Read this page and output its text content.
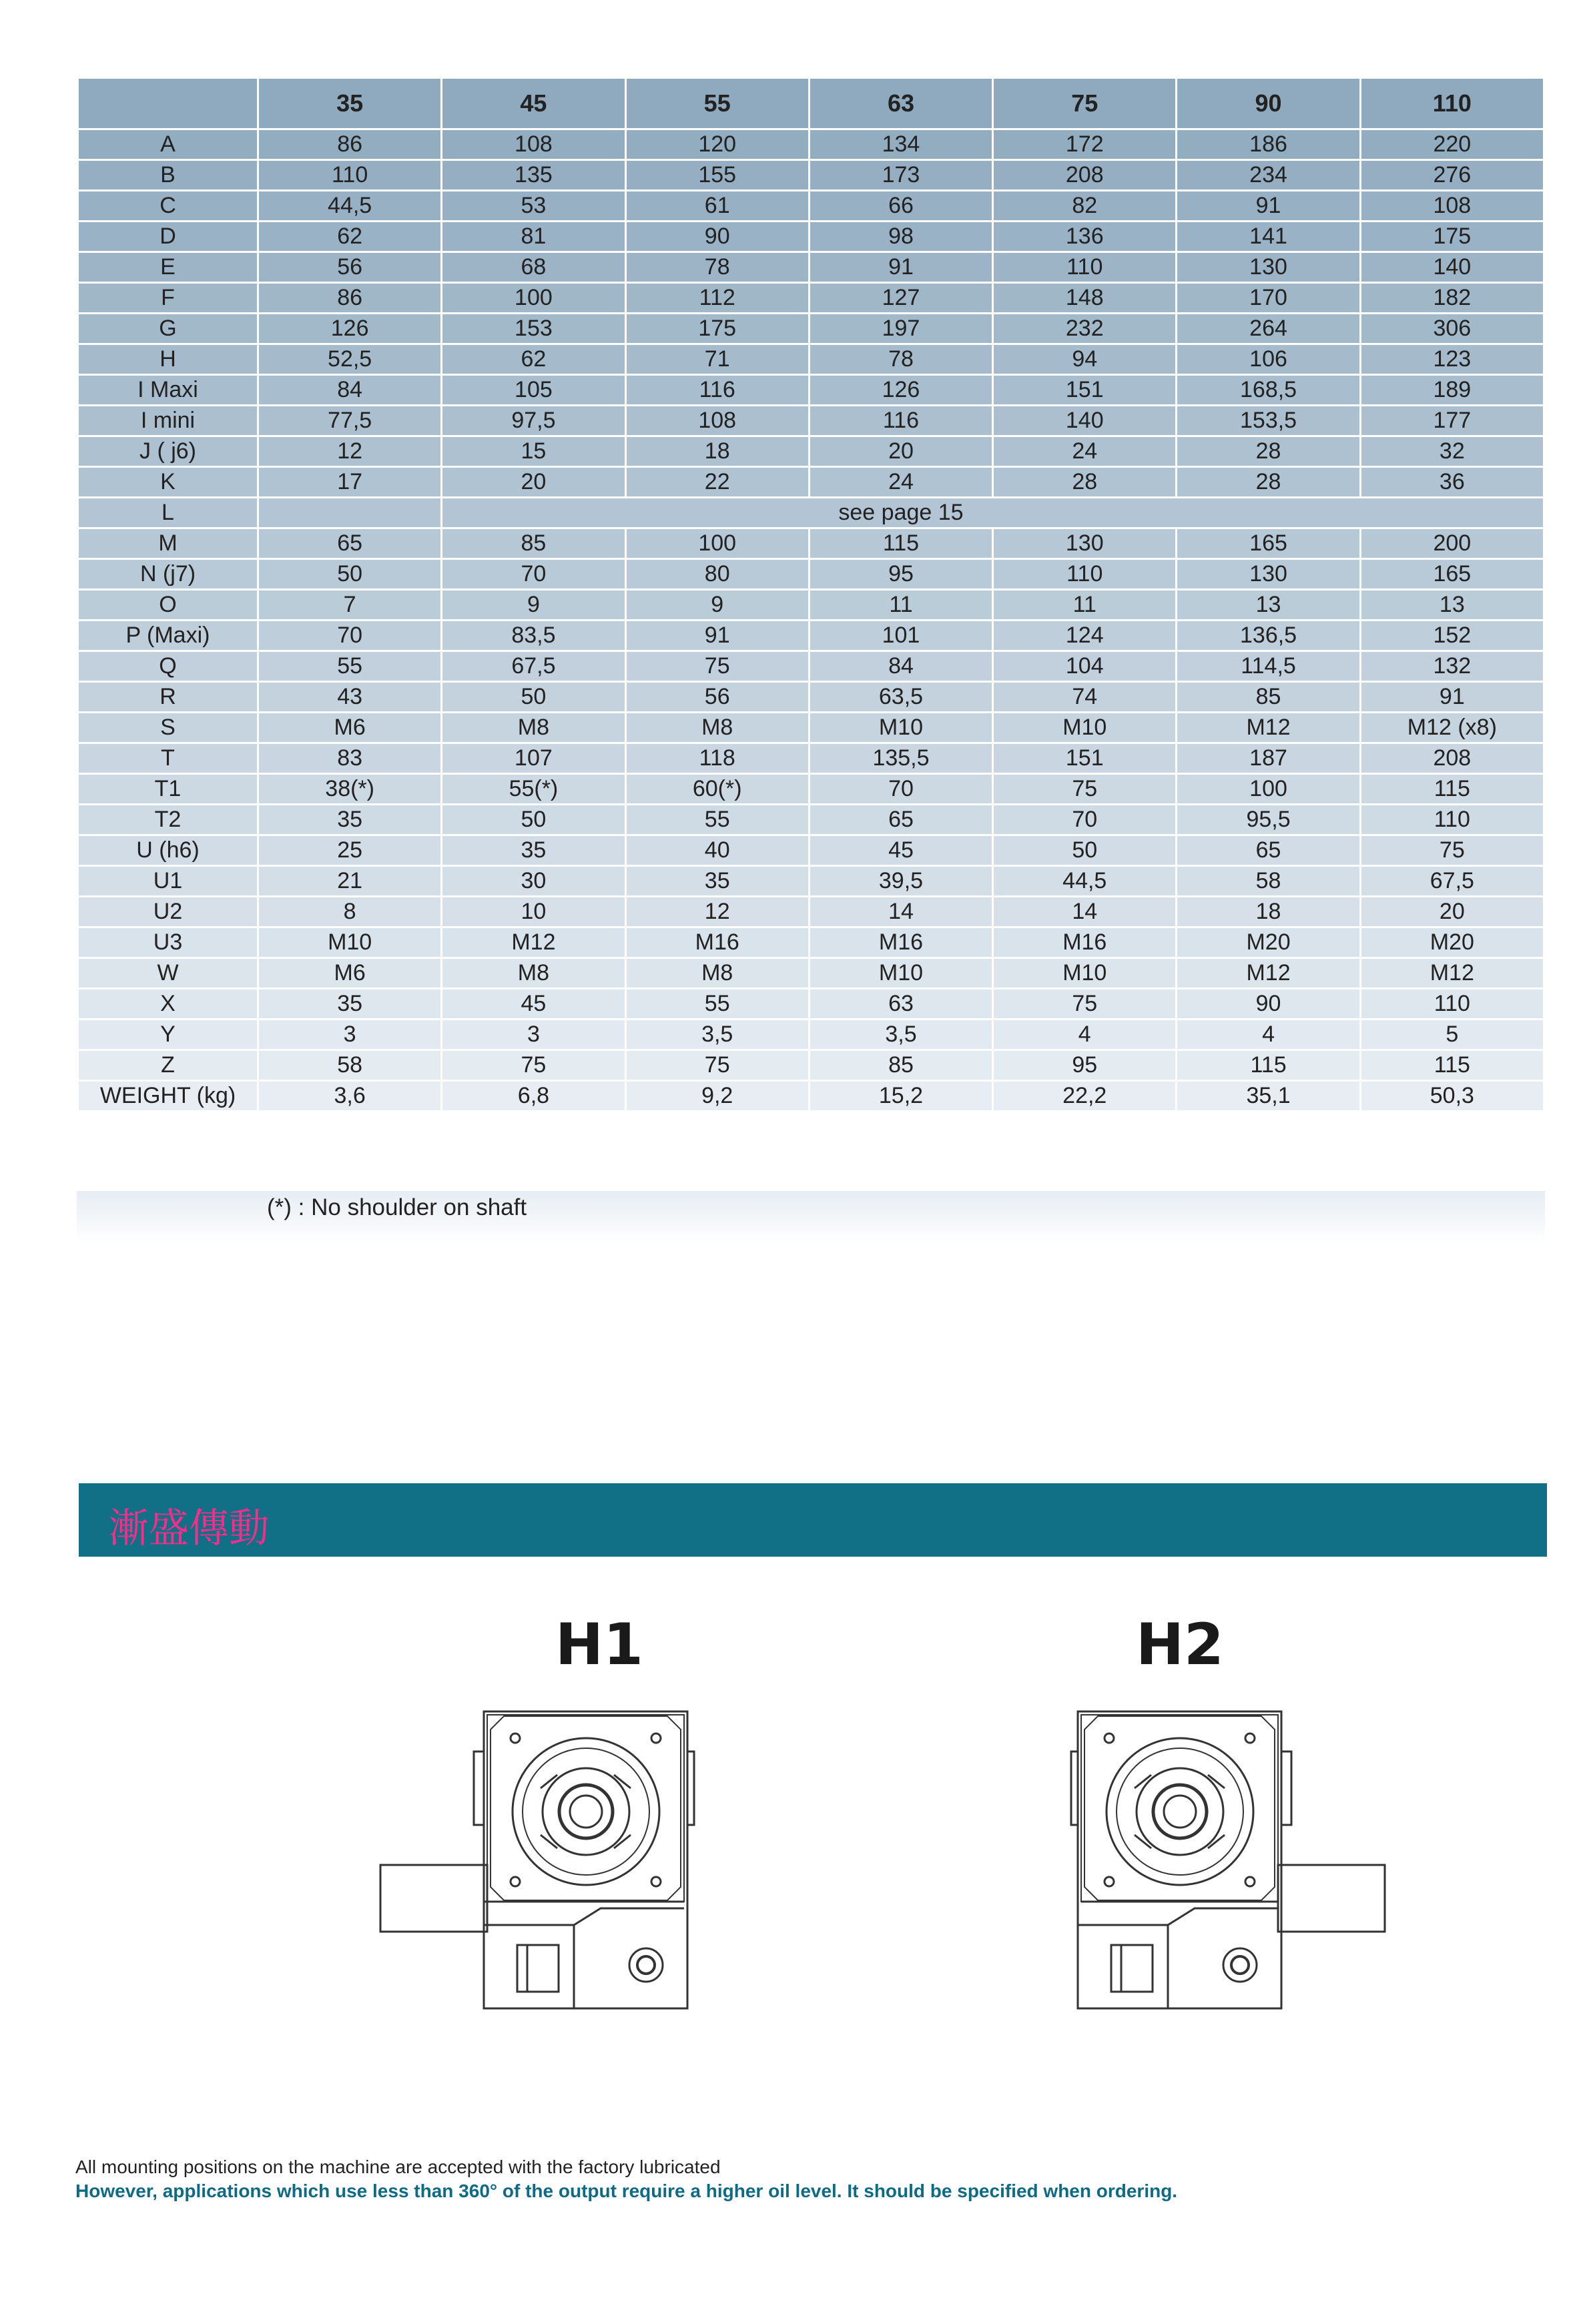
	35	45	55	63	75	90	110
A	86	108	120	134	172	186	220
B	110	135	155	173	208	234	276
C	44,5	53	61	66	82	91	108
D	62	81	90	98	136	141	175
E	56	68	78	91	110	130	140
F	86	100	112	127	148	170	182
G	126	153	175	197	232	264	306
H	52,5	62	71	78	94	106	123
I Maxi	84	105	116	126	151	168,5	189
I mini	77,5	97,5	108	116	140	153,5	177
J ( j6)	12	15	18	20	24	28	32
K	17	20	22	24	28	28	36
L				see page 15			
M	65	85	100	115	130	165	200
N (j7)	50	70	80	95	110	130	165
O	7	9	9	11	11	13	13
P (Maxi)	70	83,5	91	101	124	136,5	152
Q	55	67,5	75	84	104	114,5	132
R	43	50	56	63,5	74	85	91
S	M6	M8	M8	M10	M10	M12	M12 (x8)
T	83	107	118	135,5	151	187	208
T1	38(*)	55(*)	60(*)	70	75	100	115
T2	35	50	55	65	70	95,5	110
U (h6)	25	35	40	45	50	65	75
U1	21	30	35	39,5	44,5	58	67,5
U2	8	10	12	14	14	18	20
U3	M10	M12	M16	M16	M16	M20	M20
W	M6	M8	M8	M10	M10	M12	M12
X	35	45	55	63	75	90	110
Y	3	3	3,5	3,5	4	4	5
Z	58	75	75	85	95	115	115
WEIGHT (kg)	3,6	6,8	9,2	15,2	22,2	35,1	50,3
(*) : No shoulder on shaft
漸盛傳動
H1	H2
All mounting positions on the machine are accepted with the factory lubricated
However, applications which use less than 360° of the output require a higher oil level. It should be specified when ordering.
